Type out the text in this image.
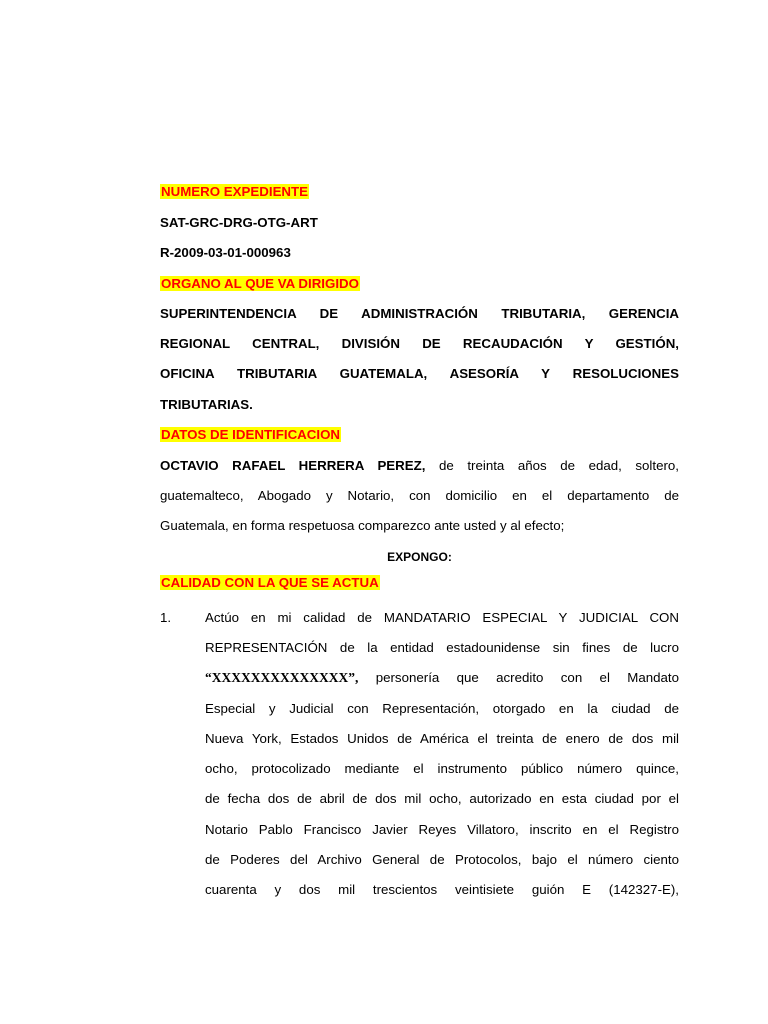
NUMERO EXPEDIENTE
SAT-GRC-DRG-OTG-ART
R-2009-03-01-000963
ORGANO AL QUE VA DIRIGIDO
SUPERINTENDENCIA DE ADMINISTRACIÓN TRIBUTARIA, GERENCIA
REGIONAL CENTRAL, DIVISIÓN DE RECAUDACIÓN Y GESTIÓN,
OFICINA TRIBUTARIA GUATEMALA, ASESORÍA Y RESOLUCIONES
TRIBUTARIAS.
DATOS DE IDENTIFICACION
OCTAVIO RAFAEL HERRERA PEREZ, de treinta años de edad, soltero,
guatemalteco, Abogado y Notario, con domicilio en el departamento de
Guatemala, en forma respetuosa comparezco ante usted y al efecto;
EXPONGO:
CALIDAD CON LA QUE SE ACTUA
1.	Actúo en mi calidad de MANDATARIO ESPECIAL Y JUDICIAL CON
REPRESENTACIÓN de la entidad estadounidense sin fines de lucro
“XXXXXXXXXXXXXX”, personería que acredito con el Mandato
Especial y Judicial con Representación, otorgado en la ciudad de
Nueva York, Estados Unidos de América el treinta de enero de dos mil
ocho, protocolizado mediante el instrumento público número quince,
de fecha dos de abril de dos mil ocho, autorizado en esta ciudad por el
Notario Pablo Francisco Javier Reyes Villatoro, inscrito en el Registro
de Poderes del Archivo General de Protocolos, bajo el número ciento
cuarenta y dos mil trescientos veintisiete guión E (142327-E),
